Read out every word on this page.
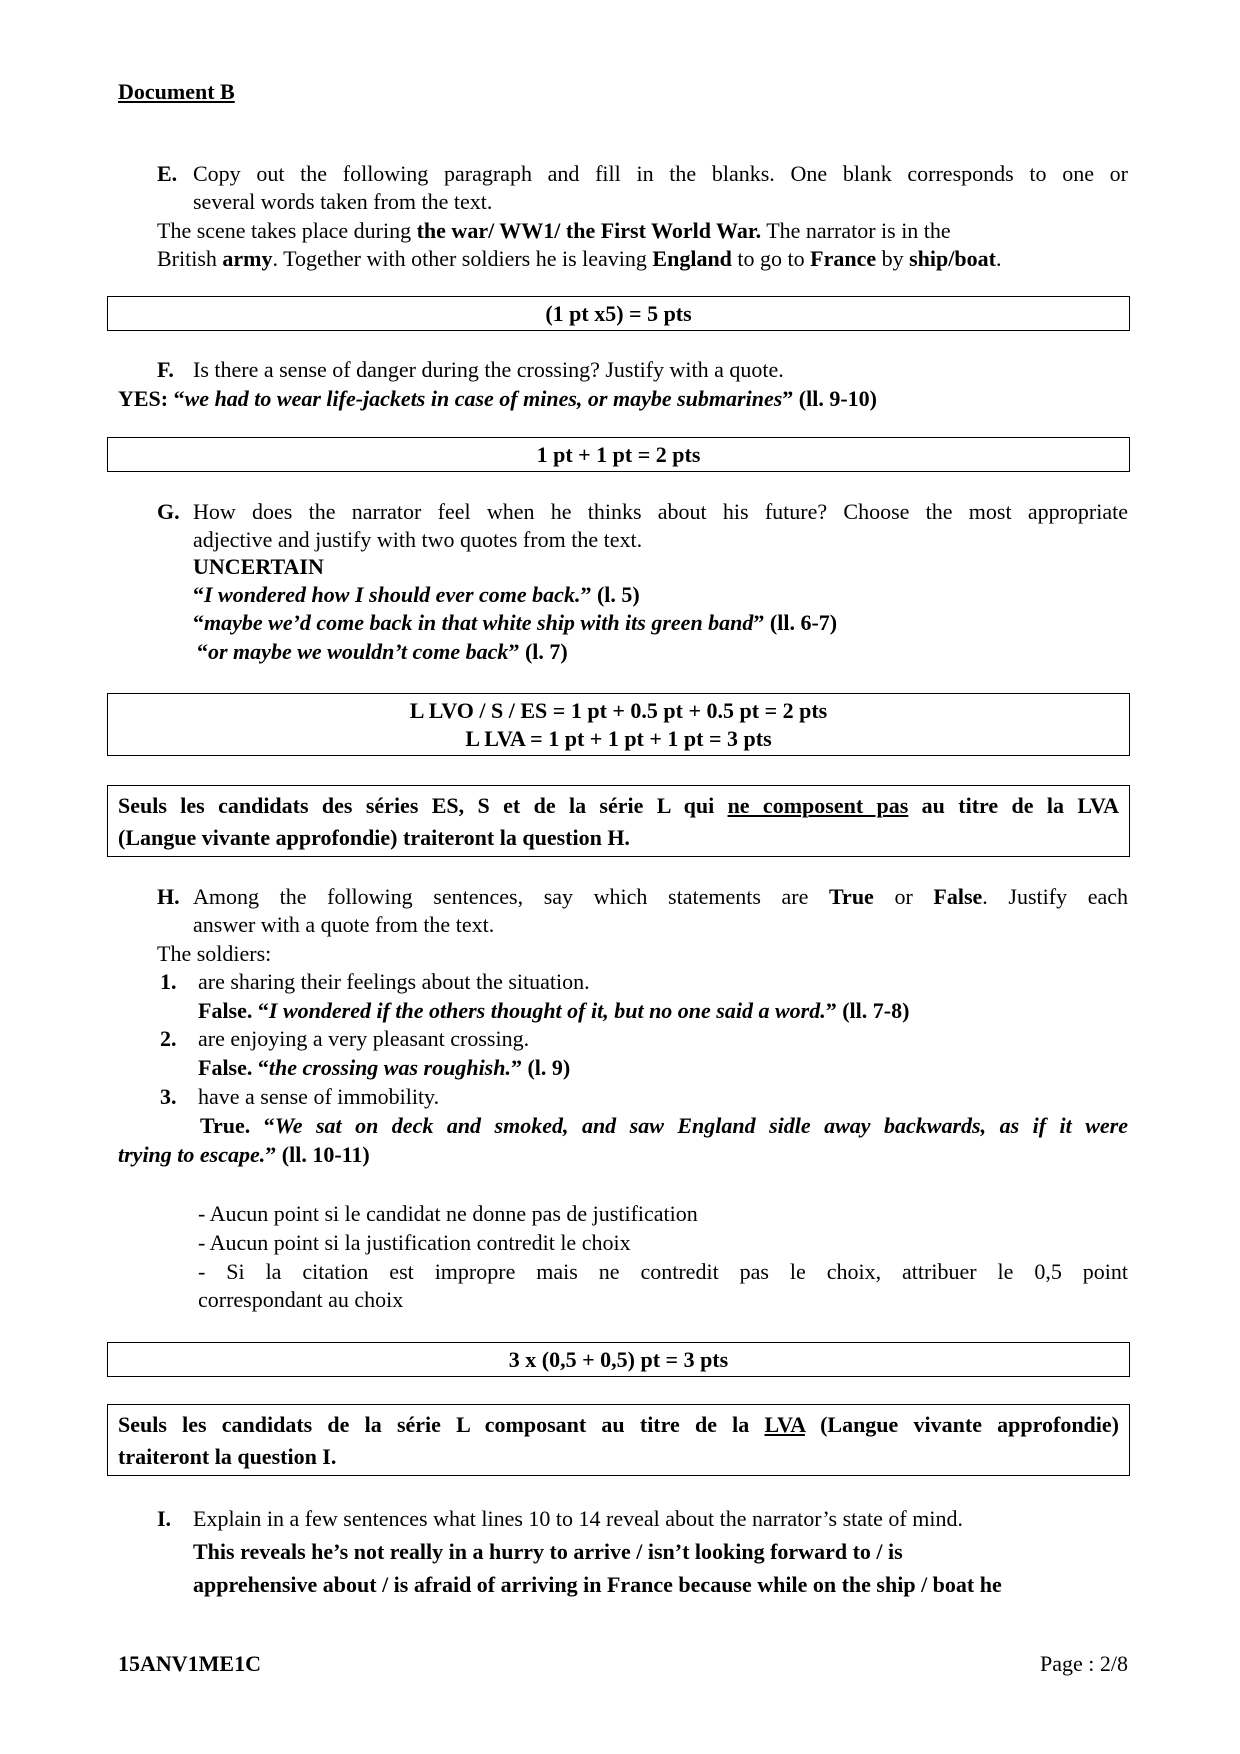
Document B
E. Copy out the following paragraph and fill in the blanks. One blank corresponds to one or
several words taken from the text.
The scene takes place during the war/ WW1/ the First World War. The narrator is in the
British army. Together with other soldiers he is leaving England to go to France by ship/boat.
(1 pt x5) = 5 pts
F. Is there a sense of danger during the crossing? Justify with a quote.
YES: “we had to wear life-jackets in case of mines, or maybe submarines” (ll. 9-10)
1 pt + 1 pt = 2 pts
G. How does the narrator feel when he thinks about his future? Choose the most appropriate
adjective and justify with two quotes from the text.
UNCERTAIN
“I wondered how I should ever come back.” (l. 5)
“maybe we’d come back in that white ship with its green band” (ll. 6-7)
“or maybe we wouldn’t come back” (l. 7)
L LVO / S / ES = 1 pt + 0.5 pt + 0.5 pt = 2 pts
L LVA = 1 pt + 1 pt + 1 pt = 3 pts
Seuls les candidats des séries ES, S et de la série L qui ne composent pas au titre de la LVA
(Langue vivante approfondie) traiteront la question H.
H. Among the following sentences, say which statements are True or False. Justify each
answer with a quote from the text.
The soldiers:
1. are sharing their feelings about the situation.
False. “I wondered if the others thought of it, but no one said a word.” (ll. 7-8)
2. are enjoying a very pleasant crossing.
False. “the crossing was roughish.” (l. 9)
3. have a sense of immobility.
True. “We sat on deck and smoked, and saw England sidle away backwards, as if it were
trying to escape.” (ll. 10-11)
- Aucun point si le candidat ne donne pas de justification
- Aucun point si la justification contredit le choix
- Si la citation est impropre mais ne contredit pas le choix, attribuer le 0,5 point
correspondant au choix
3 x (0,5 + 0,5) pt = 3 pts
Seuls les candidats de la série L composant au titre de la LVA (Langue vivante approfondie)
traiteront la question I.
I. Explain in a few sentences what lines 10 to 14 reveal about the narrator’s state of mind.
This reveals he’s not really in a hurry to arrive / isn’t looking forward to / is
apprehensive about / is afraid of arriving in France because while on the ship / boat he
15ANV1ME1C	Page : 2/8
